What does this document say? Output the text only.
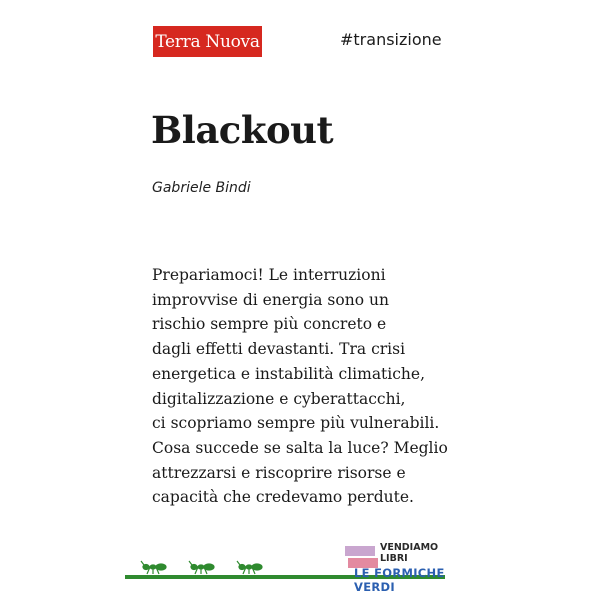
Terra Nuova	#transizione
Blackout
Gabriele Bindi
Prepariamoci! Le interruzioni
improvvise di energia sono un
rischio sempre più concreto e
dagli effetti devastanti. Tra crisi
energetica e instabilità climatiche,
digitalizzazione e cyberattacchi,
ci scopriamo sempre più vulnerabili.
Cosa succede se salta la luce? Meglio
attrezzarsi e riscoprire risorse e
capacità che credevamo perdute.
VENDIAMO
LIBRI
LE FORMICHE VERDI
